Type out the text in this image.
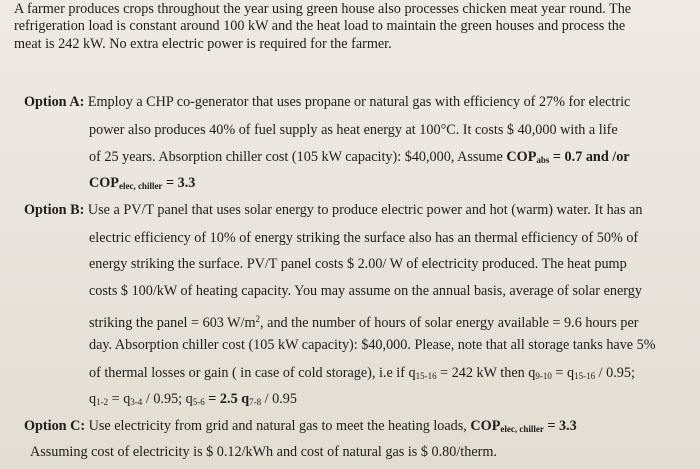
A farmer produces crops throughout the year using green house also processes chicken meat year round. The
refrigeration load is constant around 100 kW and the heat load to maintain the green houses and process the
meat is 242 kW. No extra electric power is required for the farmer.
Option A: Employ a CHP co-generator that uses propane or natural gas with efficiency of 27% for electric
power also produces 40% of fuel supply as heat energy at 100°C. It costs $ 40,000 with a life
of 25 years. Absorption chiller cost (105 kW capacity): $40,000, Assume $COP_{abs} = 0.7$ and /or
$COP_{elec, chiller} = 3.3$
Option B: Use a PV/T panel that uses solar energy to produce electric power and hot (warm) water. It has an
electric efficiency of 10% of energy striking the surface also has an thermal efficiency of 50% of
energy striking the surface. PV/T panel costs $ 2.00/ W of electricity produced. The heat pump
costs $ 100/kW of heating capacity. You may assume on the annual basis, average of solar energy
striking the panel = 603 $W/m^2$, and the number of hours of solar energy available = 9.6 hours per
day. Absorption chiller cost (105 kW capacity): $40,000. Please, note that all storage tanks have 5%
of thermal losses or gain ( in case of cold storage), i.e if $q_{15-16} = 242$ kW then $q_{9-10} = q_{15-16} / 0.95$;
$q_{1-2} = q_{3-4} / 0.95$; $q_{5-6} = 2.5$ $q_{7-8} / 0.95$
Option C: Use electricity from grid and natural gas to meet the heating loads, $COP_{elec, chiller} = 3.3$
Assuming cost of electricity is $ 0.12/kWh and cost of natural gas is $ 0.80/therm.
